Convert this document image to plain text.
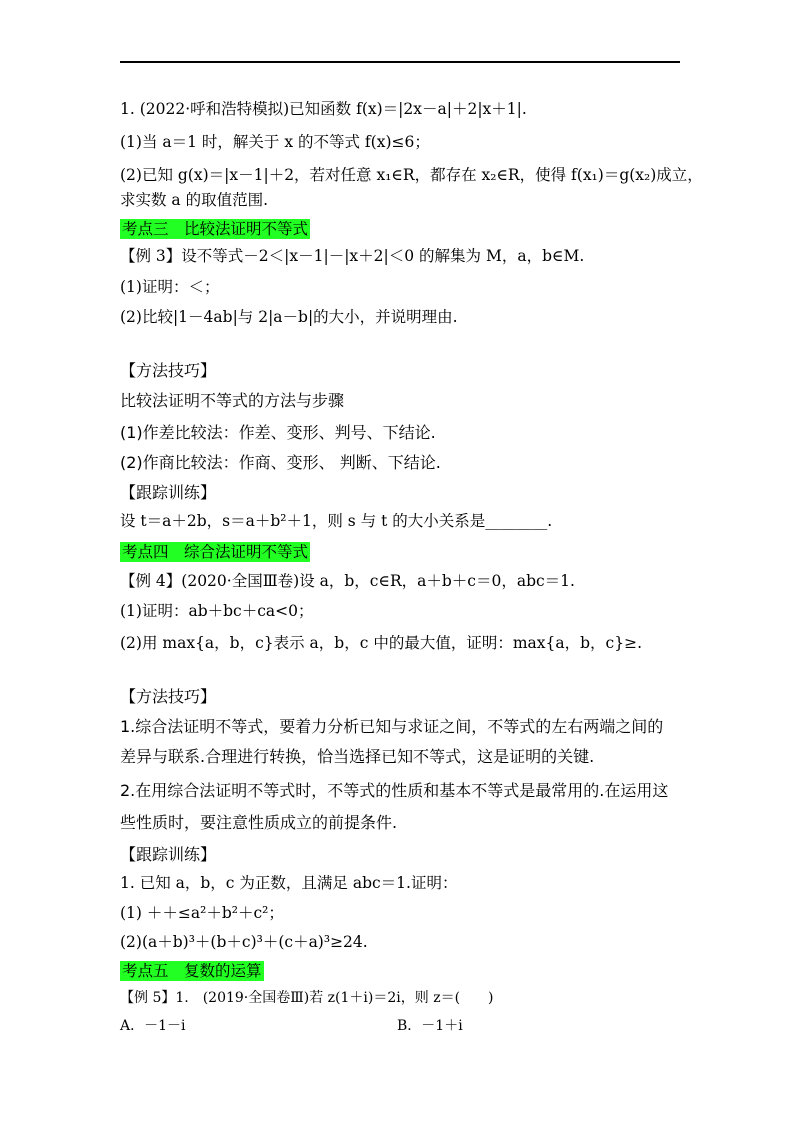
1. (2022·呼和浩特模拟)已知函数 f(x)＝|2x－a|＋2|x＋1|.
(1)当 a＝1 时，解关于 x 的不等式 f(x)≤6；
(2)已知 g(x)＝|x－1|＋2，若对任意 x₁∈R，都存在 x₂∈R，使得 f(x₁)＝g(x₂)成立，
求实数 a 的取值范围.
考点三　比较法证明不等式
【例 3】设不等式－2＜|x－1|－|x＋2|＜0 的解集为 M，a，b∈M.
(1)证明：＜；
(2)比较|1－4ab|与 2|a－b|的大小，并说明理由.
【方法技巧】
比较法证明不等式的方法与步骤
(1)作差比较法：作差、变形、判号、下结论.
(2)作商比较法：作商、变形、 判断、下结论.
【跟踪训练】
设 t＝a＋2b，s＝a＋b²＋1，则 s 与 t 的大小关系是________.
考点四　综合法证明不等式
【例 4】(2020·全国Ⅲ卷)设 a，b，c∈R，a＋b＋c＝0，abc＝1.
(1)证明：ab＋bc＋ca<0；
(2)用 max{a，b，c}表示 a，b，c 中的最大值，证明：max{a，b，c}≥.
【方法技巧】
1.综合法证明不等式，要着力分析已知与求证之间，不等式的左右两端之间的
差异与联系.合理进行转换，恰当选择已知不等式，这是证明的关键.
2.在用综合法证明不等式时，不等式的性质和基本不等式是最常用的.在运用这
些性质时，要注意性质成立的前提条件.
【跟踪训练】
1. 已知 a，b，c 为正数，且满足 abc＝1.证明：
(1) ＋＋≤a²＋b²＋c²；
(2)(a＋b)³＋(b＋c)³＋(c＋a)³≥24.
考点五　复数的运算
【例 5】1.　(2019·全国卷Ⅲ)若 z(1＋i)＝2i，则 z＝(　　)
A．－1－i	B．－1＋i
